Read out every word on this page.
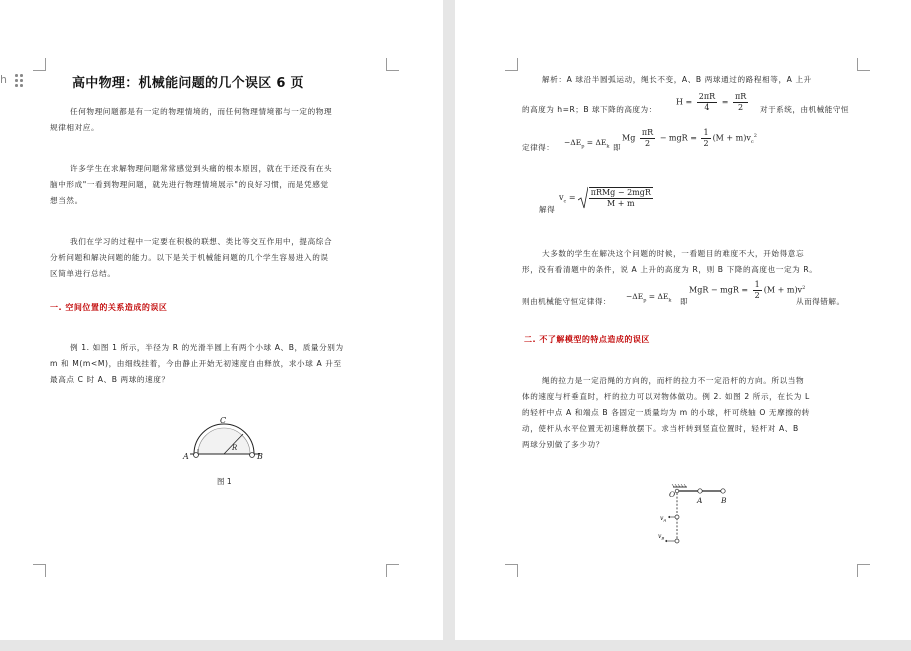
h	高中物理：机械能问题的几个误区 6 页

任何物理问题都是有一定的物理情境的，而任何物理情境都与一定的物理

规律相对应。

许多学生在求解物理问题常常感觉到头痛的根本原因，就在于还没有在头

脑中形成"一看到物理问题，就先进行物理情境展示"的良好习惯，而是凭感觉

想当然。

我们在学习的过程中一定要在积极的联想、类比等交互作用中，提高综合

分析问题和解决问题的能力。以下是关于机械能问题的几个学生容易进入的误

区简单进行总结。

一. 空间位置的关系造成的误区

例 1. 如图 1 所示，半径为 R 的光滑半圆上有两个小球 A、B，质量分别为

m 和 M(m<M)，由细线挂着，今由静止开始无初速度自由释放，求小球 A 升至

最高点 C 时 A、B 两球的速度？

C
R
A	B
图 1

解析：A 球沿半圆弧运动，绳长不变，A、B 两球通过的路程相等，A 上升

的高度为 h=R；B 球下降的高度为：
$H = \frac{2\pi R}{4} = \frac{\pi R}{2}$ 对于系统，由机械能守恒
定律得：
$-\Delta E_p = \Delta E_k$ 即
Mg $\frac{\pi R}{2}$ − mgR = $\frac{1}{2} (M + m)v_c^2$
解得
$v_c = \frac{\text{πRMg − 2mgR}}{M + m}$

大多数的学生在解决这个问题的时候，一看题目的难度不大，开始得意忘

形，没有看清题中的条件，说 A 上升的高度为 R，则 B 下降的高度也一定为 R。

则由机械能守恒定律得：
$-\Delta E_p = \Delta E_k$ 即
MgR − mgR = $\frac{1}{2} (M + m)v^2$
从而得错解。
二. 不了解模型的特点造成的误区

绳的拉力是一定沿绳的方向的，而杆的拉力不一定沿杆的方向。所以当物

体的速度与杆垂直时，杆的拉力可以对物体做功。例 2. 如图 2 所示，在长为 L

的轻杆中点 A 和端点 B 各固定一质量均为 m 的小球，杆可绕轴 O 无摩擦的转

动，使杆从水平位置无初速释放摆下。求当杆转到竖直位置时，轻杆对 A、B

两球分别做了多少功？

O
A B
$v_A$
$v_B$
